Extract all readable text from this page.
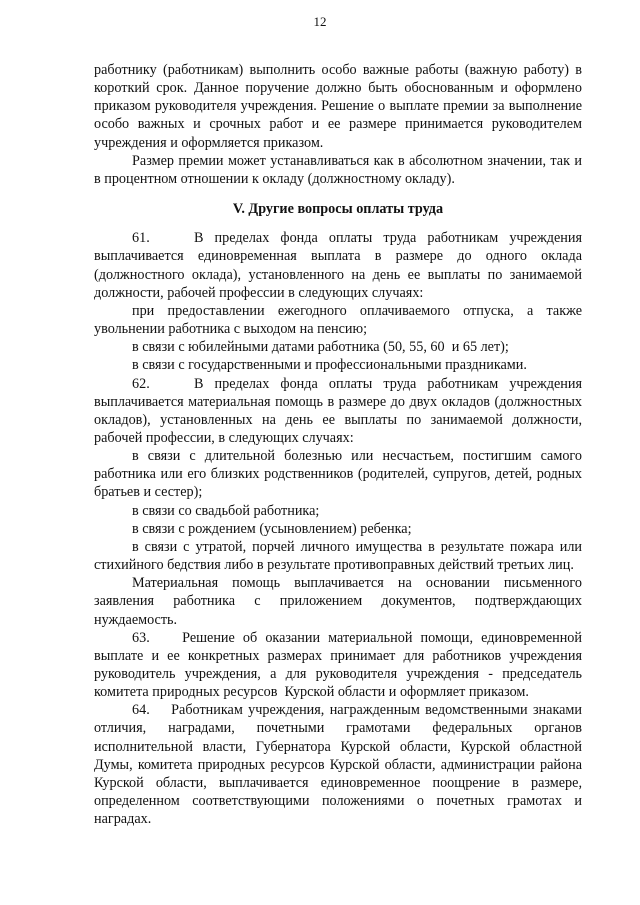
12

работнику (работникам) выполнить особо важные работы (важную работу) в короткий срок. Данное поручение должно быть обоснованным и оформлено приказом руководителя учреждения. Решение о выплате премии за выполнение особо важных и срочных работ и ее размере принимается руководителем учреждения и оформляется приказом.

Размер премии может устанавливаться как в абсолютном значении, так и в процентном отношении к окладу (должностному окладу).

V. Другие вопросы оплаты труда

61.    В пределах фонда оплаты труда работникам учреждения выплачивается единовременная выплата в размере до одного оклада (должностного оклада), установленного на день ее выплаты по занимаемой должности, рабочей профессии в следующих случаях:

при предоставлении ежегодного оплачиваемого отпуска, а также увольнении работника с выходом на пенсию;

в связи с юбилейными датами работника (50, 55, 60  и 65 лет);

в связи с государственными и профессиональными праздниками.

62.    В пределах фонда оплаты труда работникам учреждения выплачивается материальная помощь в размере до двух окладов (должностных окладов), установленных на день ее выплаты по занимаемой должности, рабочей профессии, в следующих случаях:

в связи с длительной болезнью или несчастьем, постигшим самого работника или его близких родственников (родителей, супругов, детей, родных братьев и сестер);

в связи со свадьбой работника;

в связи с рождением (усыновлением) ребенка;

в связи с утратой, порчей личного имущества в результате пожара или стихийного бедствия либо в результате противоправных действий третьих лиц.

Материальная помощь выплачивается на основании письменного заявления работника с приложением документов, подтверждающих нуждаемость.

63.    Решение об оказании материальной помощи, единовременной выплате и ее конкретных размерах принимает для работников учреждения руководитель учреждения, а для руководителя учреждения - председатель комитета природных ресурсов  Курской области и оформляет приказом.

64.    Работникам учреждения, награжденным ведомственными знаками отличия, наградами, почетными грамотами федеральных органов исполнительной власти, Губернатора Курской области, Курской областной Думы, комитета природных ресурсов Курской области, администрации района Курской области, выплачивается единовременное поощрение в размере, определенном соответствующими положениями о почетных грамотах и наградах.
